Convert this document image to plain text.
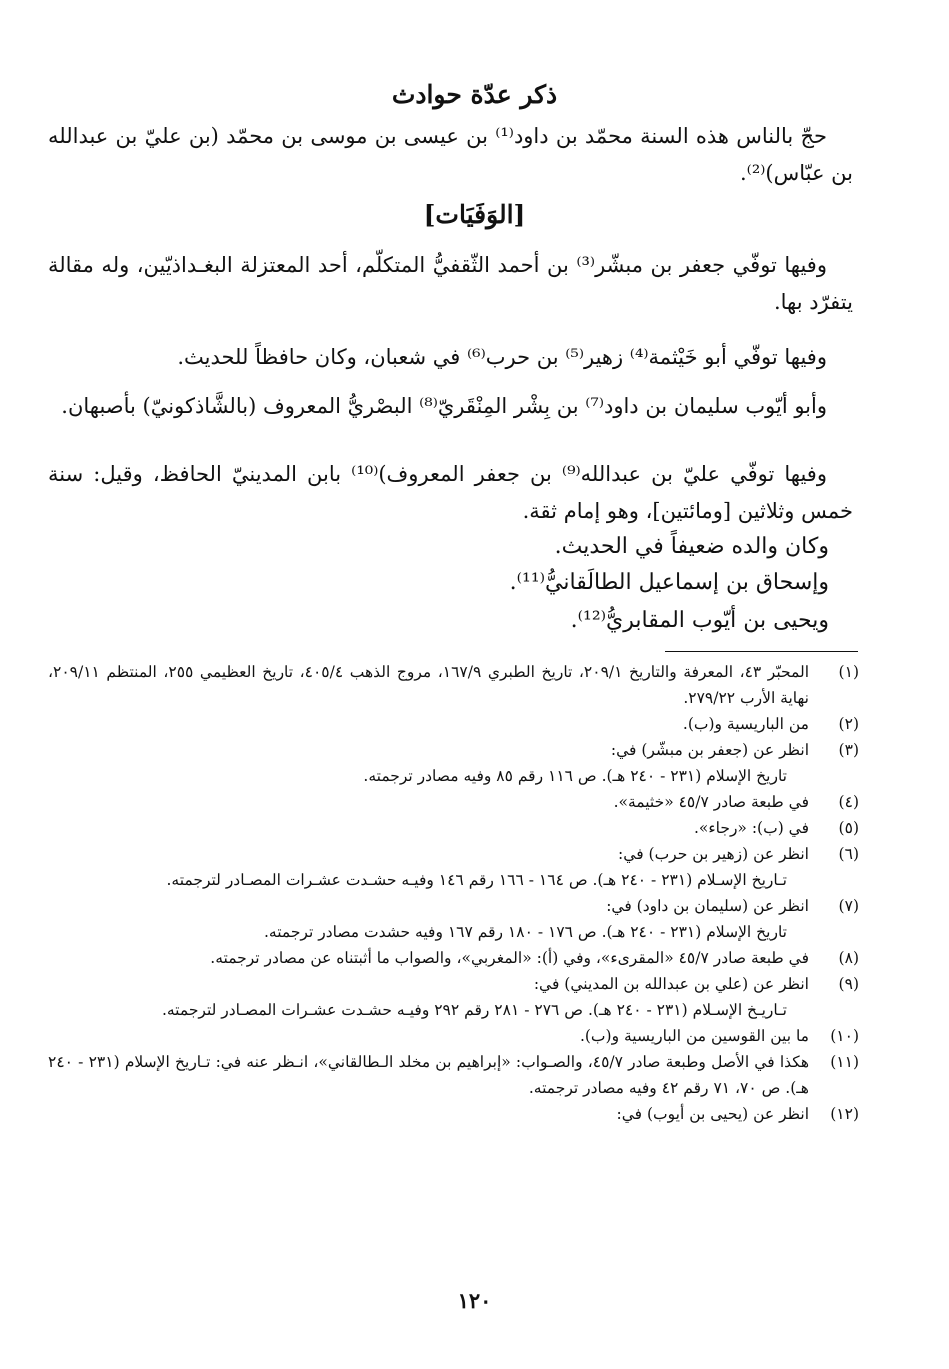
ذكر عدّة حوادث

حجّ بالناس هذه السنة محمّد بن داود⁽¹⁾ بن عيسى بن موسى بن محمّد (بن عليّ بن عبدالله بن عبّاس)⁽²⁾.

[الوَفَيَات]

وفيها توفّي جعفر بن مبشّر⁽³⁾ بن أحمد الثّقفيُّ المتكلّم، أحد المعتزلة البغـداذيّين، وله مقالة يتفرّد بها.

وفيها توفّي أبو خَيْثمة⁽⁴⁾ زهير⁽⁵⁾ بن حرب⁽⁶⁾ في شعبان، وكان حافظاً للحديث.

وأبو أيّوب سليمان بن داود⁽⁷⁾ بن بِشْر المِنْقَريّ⁽⁸⁾ البصْريُّ المعروف (بالشَّاذكونيّ) بأصبهان.

وفيها توفّي عليّ بن عبدالله⁽⁹⁾ بن جعفر المعروف)⁽¹⁰⁾ بابن المدينيّ الحافظ، وقيل: سنة خمس وثلاثين [ومائتين]، وهو إمام ثقة.

وكان والده ضعيفاً في الحديث.
وإسحاق بن إسماعيل الطالَقانيُّ⁽¹¹⁾.
ويحيى بن أيّوب المقابريُّ⁽¹²⁾.
(١)
المحبّر ٤٣، المعرفة والتاريخ ٢٠٩/١، تاريخ الطبري ١٦٧/٩، مروج الذهب ٤٠٥/٤، تاريخ العظيمي ٢٥٥، المنتظم ٢٠٩/١١، نهاية الأرب ٢٧٩/٢٢.
(٢)
من الباريسية و(ب).
(٣)
انظر عن (جعفر بن مبشّر) في:
تاريخ الإسلام (٢٣١ - ٢٤٠ هـ). ص ١١٦ رقم ٨٥ وفيه مصادر ترجمته.
(٤)
في طبعة صادر ٤٥/٧ «خثيمة».
(٥)
في (ب): «رجاء».
(٦)
انظر عن (زهير بن حرب) في:
تـاريخ الإسـلام (٢٣١ - ٢٤٠ هـ). ص ١٦٤ - ١٦٦ رقم ١٤٦ وفيـه حشـدت عشـرات المصـادر لترجمته.
(٧)
انظر عن (سليمان بن داود) في:
تاريخ الإسلام (٢٣١ - ٢٤٠ هـ). ص ١٧٦ - ١٨٠ رقم ١٦٧ وفيه حشدت مصادر ترجمته.
(٨)
في طبعة صادر ٤٥/٧ «المقرىء»، وفي (أ): «المغربي»، والصواب ما أثبتناه عن مصادر ترجمته.
(٩)
انظر عن (علي بن عبدالله بن المديني) في:
تـاريـخ الإسـلام (٢٣١ - ٢٤٠ هـ). ص ٢٧٦ - ٢٨١ رقم ٢٩٢ وفيـه حشـدت عشـرات المصـادر لترجمته.
(١٠)
ما بين القوسين من الباريسية و(ب).
(١١)
هكذا في الأصل وطبعة صادر ٤٥/٧، والصـواب: «إبراهيم بن مخلد الـطالقاني»، انـظر عنه في: تـاريخ الإسلام (٢٣١ - ٢٤٠ هـ). ص ٧٠، ٧١ رقم ٤٢ وفيه مصادر ترجمته.
(١٢)
انظر عن (يحيى بن أيوب) في:
١٢٠
